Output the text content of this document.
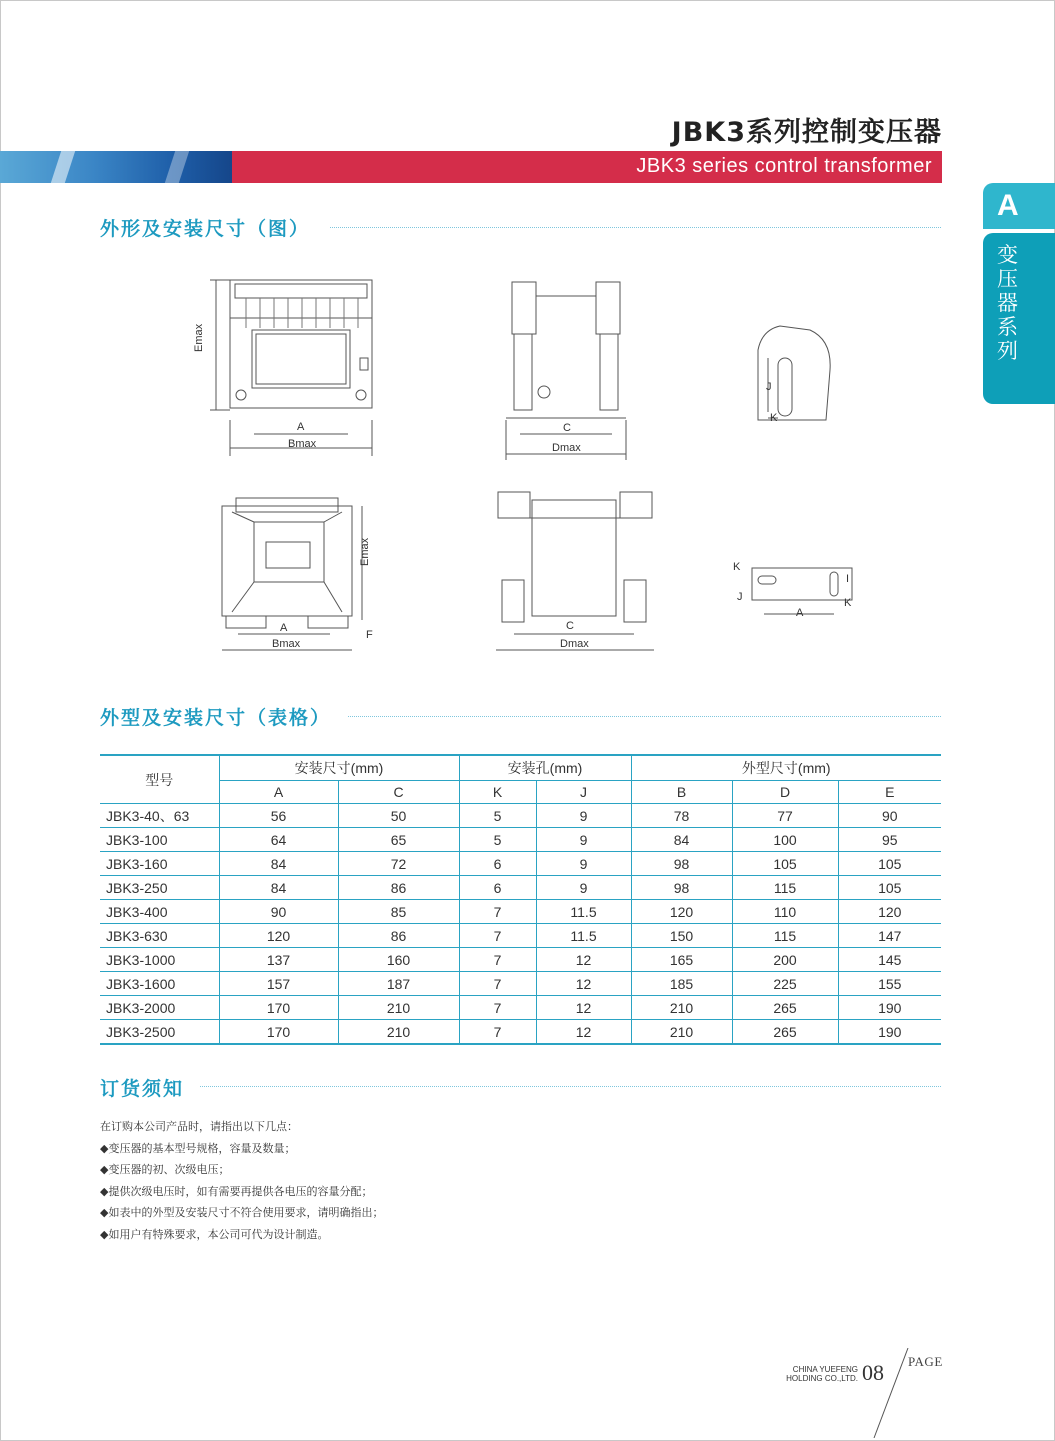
JBK3系列控制变压器
JBK3 series control transformer
A
变压器系列
外形及安装尺寸（图）
Emax
A
Bmax
C
Dmax
J
K
Emax
A
Bmax
F
C
Dmax
K
J
A
K
I
外型及安装尺寸（表格）
型号	安装尺寸(mm)		安装孔(mm)		外型尺寸(mm)		
	A	C	K	J	B	D	E
JBK3-40、63	56	50	5	9	78	77	90
JBK3-100	64	65	5	9	84	100	95
JBK3-160	84	72	6	9	98	105	105
JBK3-250	84	86	6	9	98	115	105
JBK3-400	90	85	7	11.5	120	110	120
JBK3-630	120	86	7	11.5	150	115	147
JBK3-1000	137	160	7	12	165	200	145
JBK3-1600	157	187	7	12	185	225	155
JBK3-2000	170	210	7	12	210	265	190
JBK3-2500	170	210	7	12	210	265	190
订货须知
在订购本公司产品时，请指出以下几点：
◆变压器的基本型号规格，容量及数量；
◆变压器的初、次级电压；
◆提供次级电压时，如有需要再提供各电压的容量分配；
◆如表中的外型及安装尺寸不符合使用要求，请明确指出；
◆如用户有特殊要求，本公司可代为设计制造。
CHINA YUEFENG
HOLDING CO.,LTD. 08 PAGE
